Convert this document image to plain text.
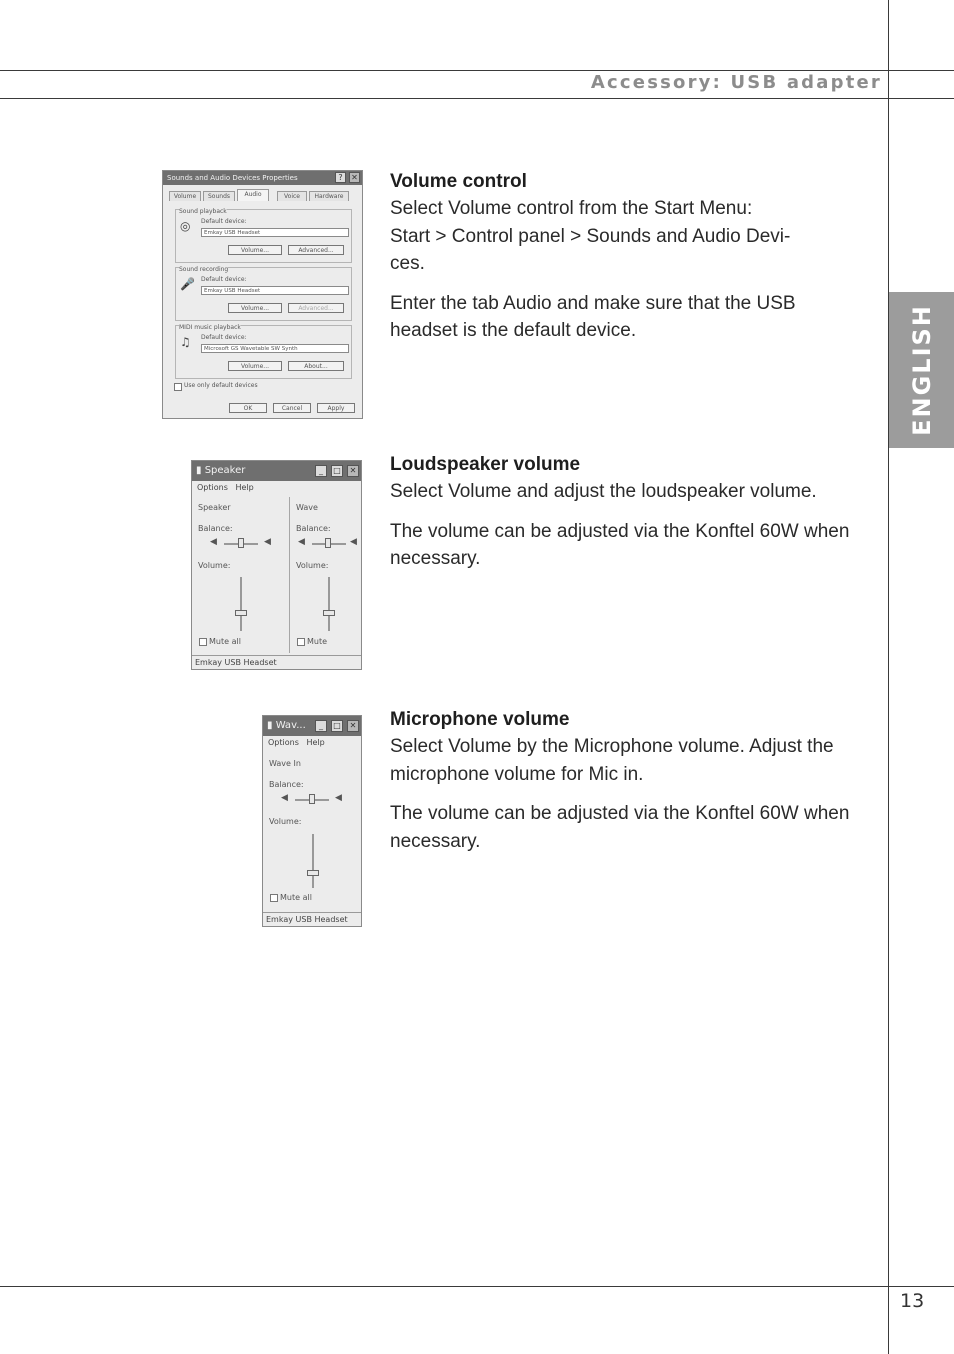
Accessory: USB adapter
ENGLISH
13
Volume control
Select Volume control from the Start Menu:
Start > Control panel > Sounds and Audio Devi-

ces.

Enter the tab Audio and make sure that the USB headset is the default device.

Loudspeaker volume

Select Volume and adjust the loudspeaker volume.

The volume can be adjusted via the Konftel 60W when necessary.

Microphone volume

Select Volume by the Microphone volume. Adjust the microphone volume for Mic in.

The volume can be adjusted via the Konftel 60W when necessary.

Sounds and Audio Devices Properties	?	✕
Volume	Sounds	Audio	Voice	Hardware
Sound playback
◎ Default device:
Emkay USB Headset
Volume...	Advanced...
Sound recording
🎤 Default device:
Emkay USB Headset
Volume...	Advanced...
MIDI music playback
♫ Default device:
Microsoft GS Wavetable SW Synth
Volume...	About...
Use only default devices
OK	Cancel	Apply
▮ Speaker	_	□	✕
Options Help
Speaker
Balance:
◀	◀
Volume:
Mute all
Wave
Balance:
◀	◀
Volume:
Mute
Emkay USB Headset
▮ Wav...	_	□	✕
Options Help
Wave In
Balance:
◀	◀
Volume:
Mute all
Emkay USB Headset
